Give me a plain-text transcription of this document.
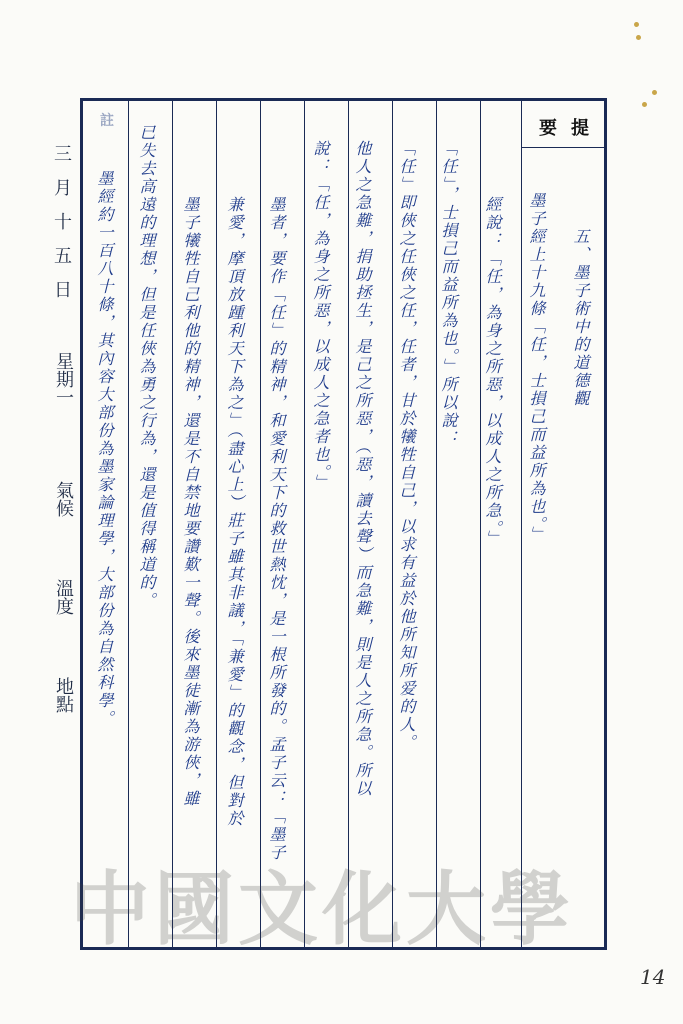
三
月
十
五
日
星期一
氣候
溫度
地點
註	要 提
五、墨子術中的道德觀
墨子經上十九條「任，士損己而益所為也。」
經說：「任，為身之所惡，以成人之所急。」
「任」，士損己而益所為也。」所以說：
「任」即俠之任俠之任，任者，甘於犧牲自己，以求有益於他所知所爱的人。
他人之急難，捐助拯生，是己之所惡，（惡，讀去聲）而急難，則是人之所急。所以
說：「任，為身之所惡，以成人之急者也。」
墨者，要作「任」的精神，和愛利天下的救世熱忱，是一根所發的。孟子云：「墨子
兼愛，摩頂放踵利天下為之」（盡心上）莊子雖其非議，「兼愛」的觀念，但對於
墨子犧牲自己利他的精神，還是不自禁地要讚歎一聲。後來墨徒漸為游俠，雖
已失去高遠的理想，但是任俠為勇之行為，還是值得稱道的。
墨經約一百八十條，其內容大部份為墨家論理學，大部份為自然科學。
中國文化大學
14
